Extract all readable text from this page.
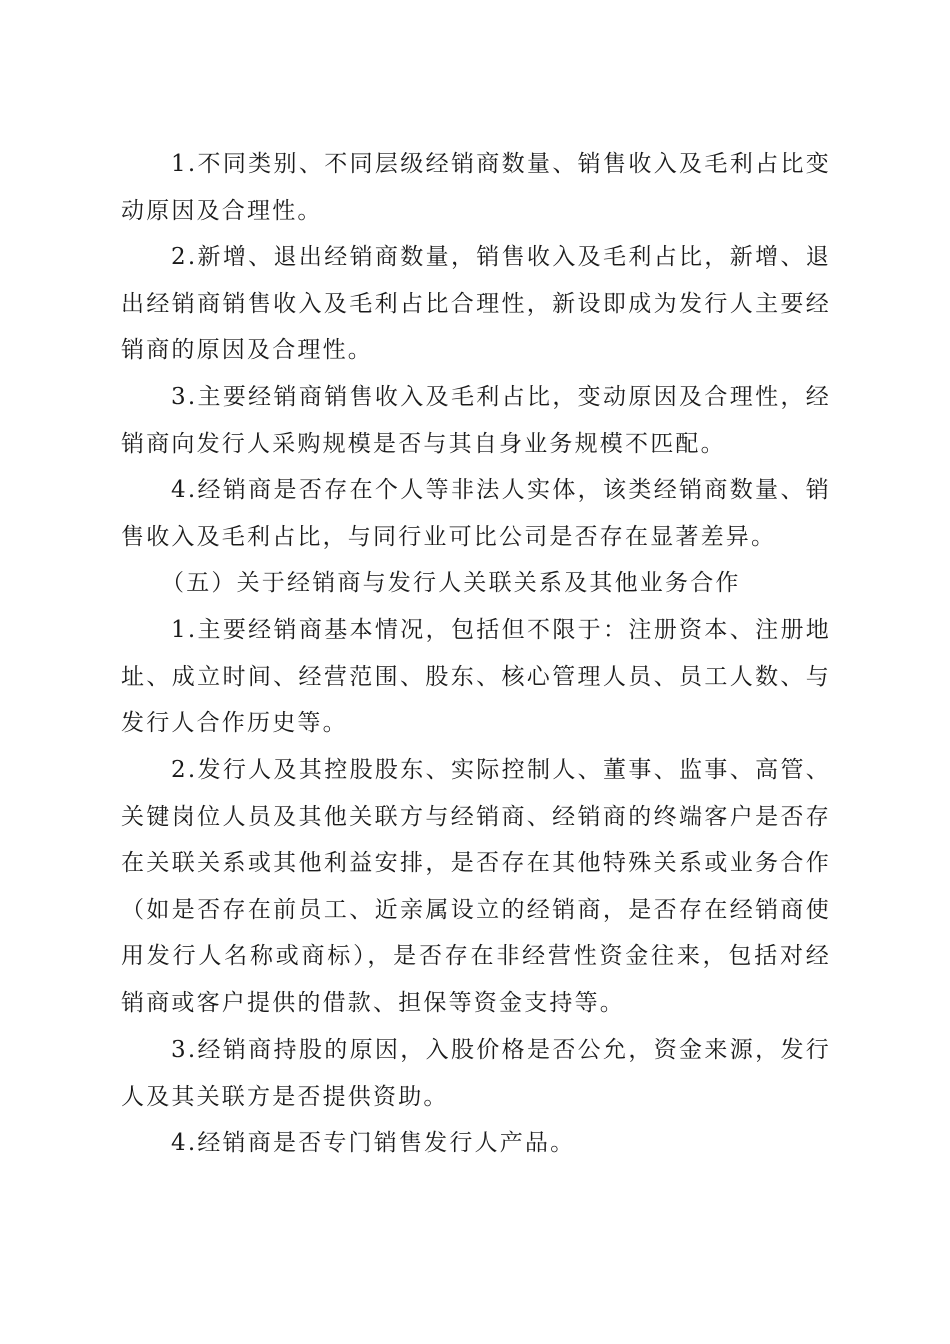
1.不同类别、不同层级经销商数量、销售收入及毛利占比变动原因及合理性。

2.新增、退出经销商数量，销售收入及毛利占比，新增、退出经销商销售收入及毛利占比合理性，新设即成为发行人主要经销商的原因及合理性。

3.主要经销商销售收入及毛利占比，变动原因及合理性，经销商向发行人采购规模是否与其自身业务规模不匹配。

4.经销商是否存在个人等非法人实体，该类经销商数量、销售收入及毛利占比，与同行业可比公司是否存在显著差异。

（五）关于经销商与发行人关联关系及其他业务合作

1.主要经销商基本情况，包括但不限于：注册资本、注册地址、成立时间、经营范围、股东、核心管理人员、员工人数、与发行人合作历史等。

2.发行人及其控股股东、实际控制人、董事、监事、高管、关键岗位人员及其他关联方与经销商、经销商的终端客户是否存在关联关系或其他利益安排，是否存在其他特殊关系或业务合作（如是否存在前员工、近亲属设立的经销商，是否存在经销商使用发行人名称或商标），是否存在非经营性资金往来，包括对经销商或客户提供的借款、担保等资金支持等。

3.经销商持股的原因，入股价格是否公允，资金来源，发行人及其关联方是否提供资助。

4.经销商是否专门销售发行人产品。
